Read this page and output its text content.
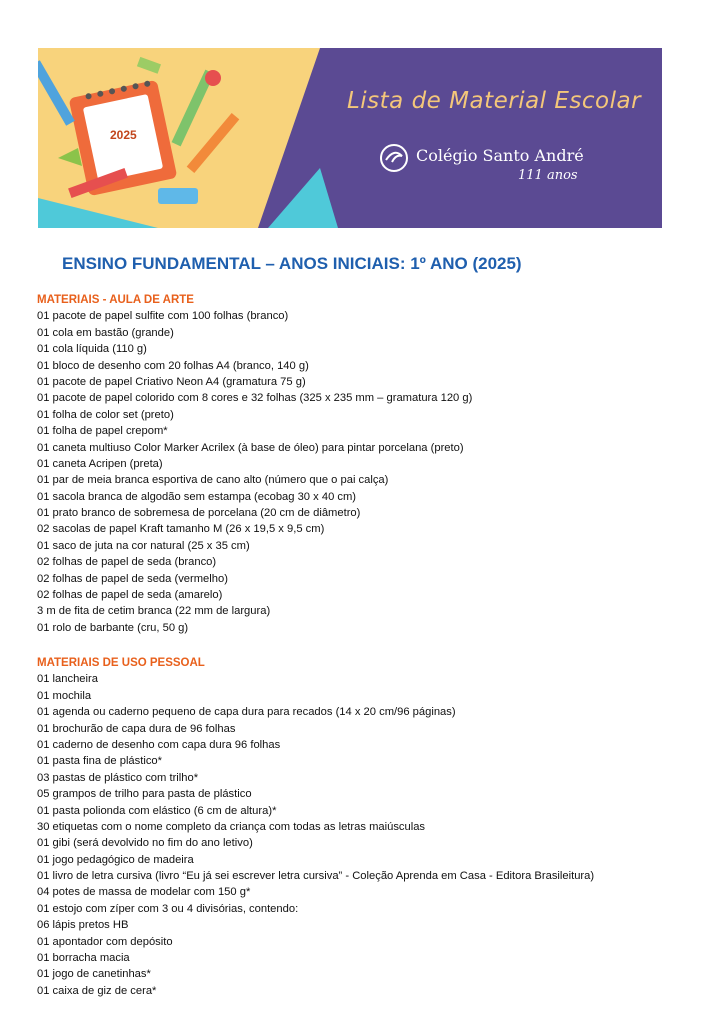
2025
Lista de Material Escolar
Colégio Santo André
111 anos
ENSINO FUNDAMENTAL – ANOS INICIAIS: 1º ANO (2025)
MATERIAIS - AULA DE ARTE
01 pacote de papel sulfite com 100 folhas (branco)
01 cola em bastão (grande)
01 cola líquida (110 g)
01 bloco de desenho com 20 folhas A4 (branco, 140 g)
01 pacote de papel Criativo Neon A4 (gramatura 75 g)
01 pacote de papel colorido com 8 cores e 32 folhas (325 x 235 mm – gramatura 120 g)
01 folha de color set (preto)
01 folha de papel crepom*
01 caneta multiuso Color Marker Acrilex (à base de óleo) para pintar porcelana (preto)
01 caneta Acripen (preta)
01 par de meia branca esportiva de cano alto (número que o pai calça)
01 sacola branca de algodão sem estampa (ecobag 30 x 40 cm)
01 prato branco de sobremesa de porcelana (20 cm de diâmetro)
02 sacolas de papel Kraft tamanho M (26 x 19,5 x 9,5 cm)
01 saco de juta na cor natural (25 x 35 cm)
02 folhas de papel de seda (branco)
02 folhas de papel de seda (vermelho)
02 folhas de papel de seda (amarelo)
3 m de fita de cetim branca (22 mm de largura)
01 rolo de barbante (cru, 50 g)
MATERIAIS DE USO PESSOAL
01 lancheira
01 mochila
01 agenda ou caderno pequeno de capa dura para recados (14 x 20 cm/96 páginas)
01 brochurão de capa dura de 96 folhas
01 caderno de desenho com capa dura 96 folhas
01 pasta fina de plástico*
03 pastas de plástico com trilho*
05 grampos de trilho para pasta de plástico
01 pasta polionda com elástico (6 cm de altura)*
30 etiquetas com o nome completo da criança com todas as letras maiúsculas
01 gibi (será devolvido no fim do ano letivo)
01 jogo pedagógico de madeira
01 livro de letra cursiva (livro “Eu já sei escrever letra cursiva” - Coleção Aprenda em Casa - Editora Brasileitura)
04 potes de massa de modelar com 150 g*
01 estojo com zíper com 3 ou 4 divisórias, contendo:
06 lápis pretos HB
01 apontador com depósito
01 borracha macia
01 jogo de canetinhas*
01 caixa de giz de cera*
